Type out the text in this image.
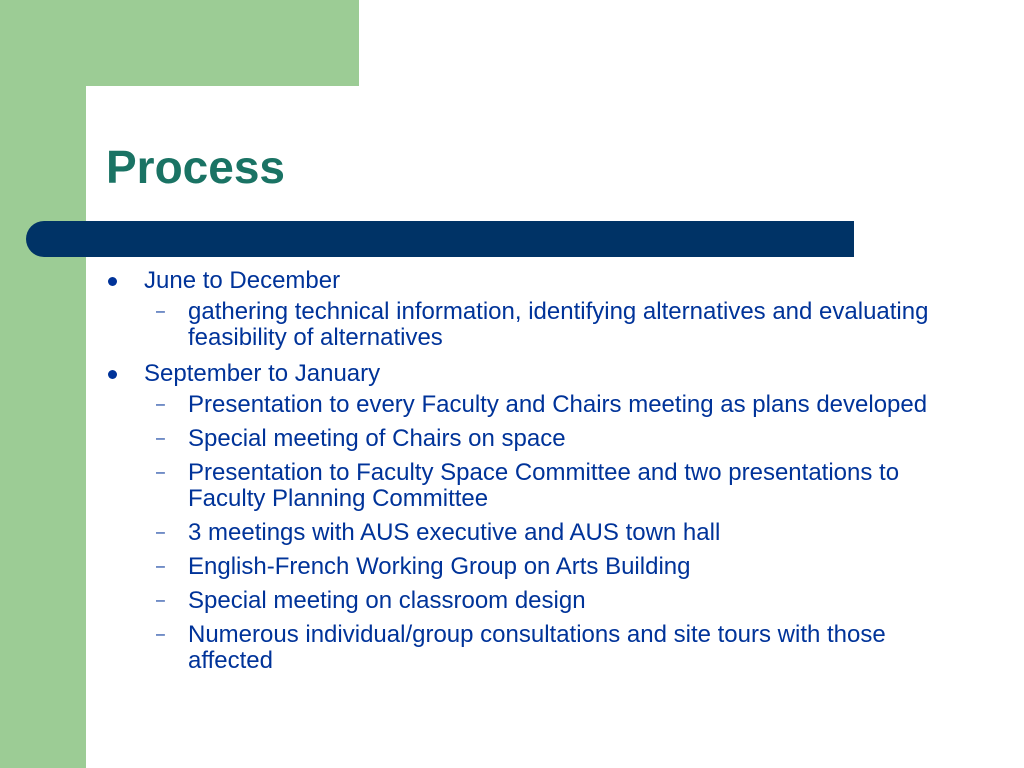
Process
June to December
– gathering technical information, identifying alternatives and evaluating feasibility of alternatives
September to January
– Presentation to every Faculty and Chairs meeting as plans developed
– Special meeting of Chairs on space
– Presentation to Faculty Space Committee and two presentations to Faculty Planning Committee
– 3 meetings with AUS executive and AUS town hall
– English-French Working Group on Arts Building
– Special meeting on classroom design
– Numerous individual/group consultations and site tours with those affected
